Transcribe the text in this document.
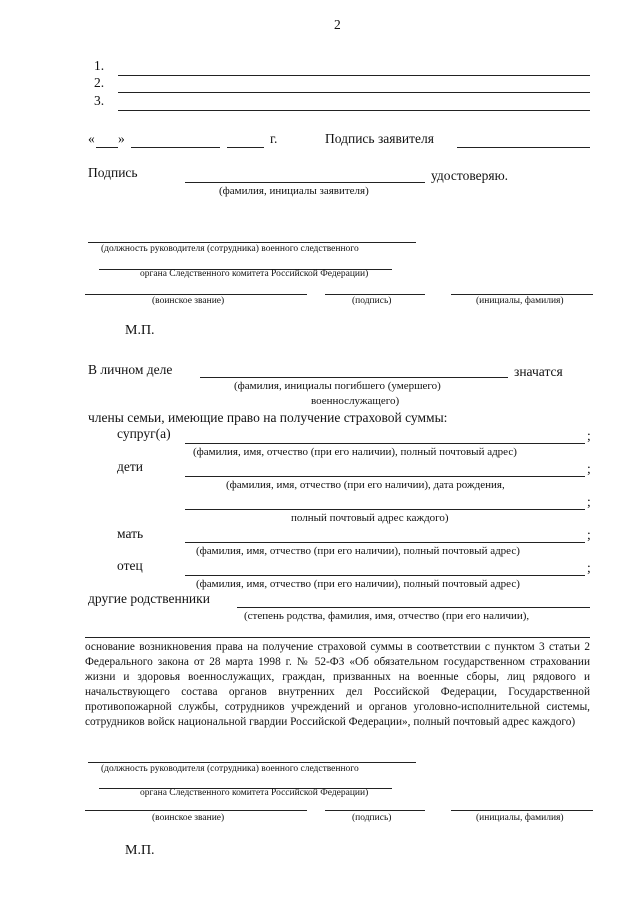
2
1.
2.
3.
« »	г.	Подпись заявителя
Подпись	удостоверяю.
(фамилия, инициалы заявителя)
(должность руководителя (сотрудника) военного следственного
органа Следственного комитета Российской Федерации)
(воинское звание)	(подпись)	(инициалы, фамилия)
М.П.
В личном деле	значатся
(фамилия, инициалы погибшего (умершего)
военнослужащего)
члены семьи, имеющие право на получение страховой суммы:
супруг(а)	;
(фамилия, имя, отчество (при его наличии), полный почтовый адрес)
дети	;
(фамилия, имя, отчество (при его наличии), дата рождения,
;
полный почтовый адрес каждого)
мать	;
(фамилия, имя, отчество (при его наличии), полный почтовый адрес)
отец	;
(фамилия, имя, отчество (при его наличии), полный почтовый адрес)
другие родственники
(степень родства, фамилия, имя, отчество (при его наличии),
основание возникновения права на получение страховой суммы в соответствии с пунктом 3 статьи 2 Федерального закона от 28 марта 1998 г. № 52-ФЗ «Об обязательном государственном страховании жизни и здоровья военнослужащих, граждан, призванных на военные сборы, лиц рядового и начальствующего состава органов внутренних дел Российской Федерации, Государственной противопожарной службы, сотрудников учреждений и органов уголовно-исполнительной системы, сотрудников войск национальной гвардии Российской Федерации», полный почтовый адрес каждого)
(должность руководителя (сотрудника) военного следственного
органа Следственного комитета Российской Федерации)
(воинское звание)	(подпись)	(инициалы, фамилия)
М.П.
